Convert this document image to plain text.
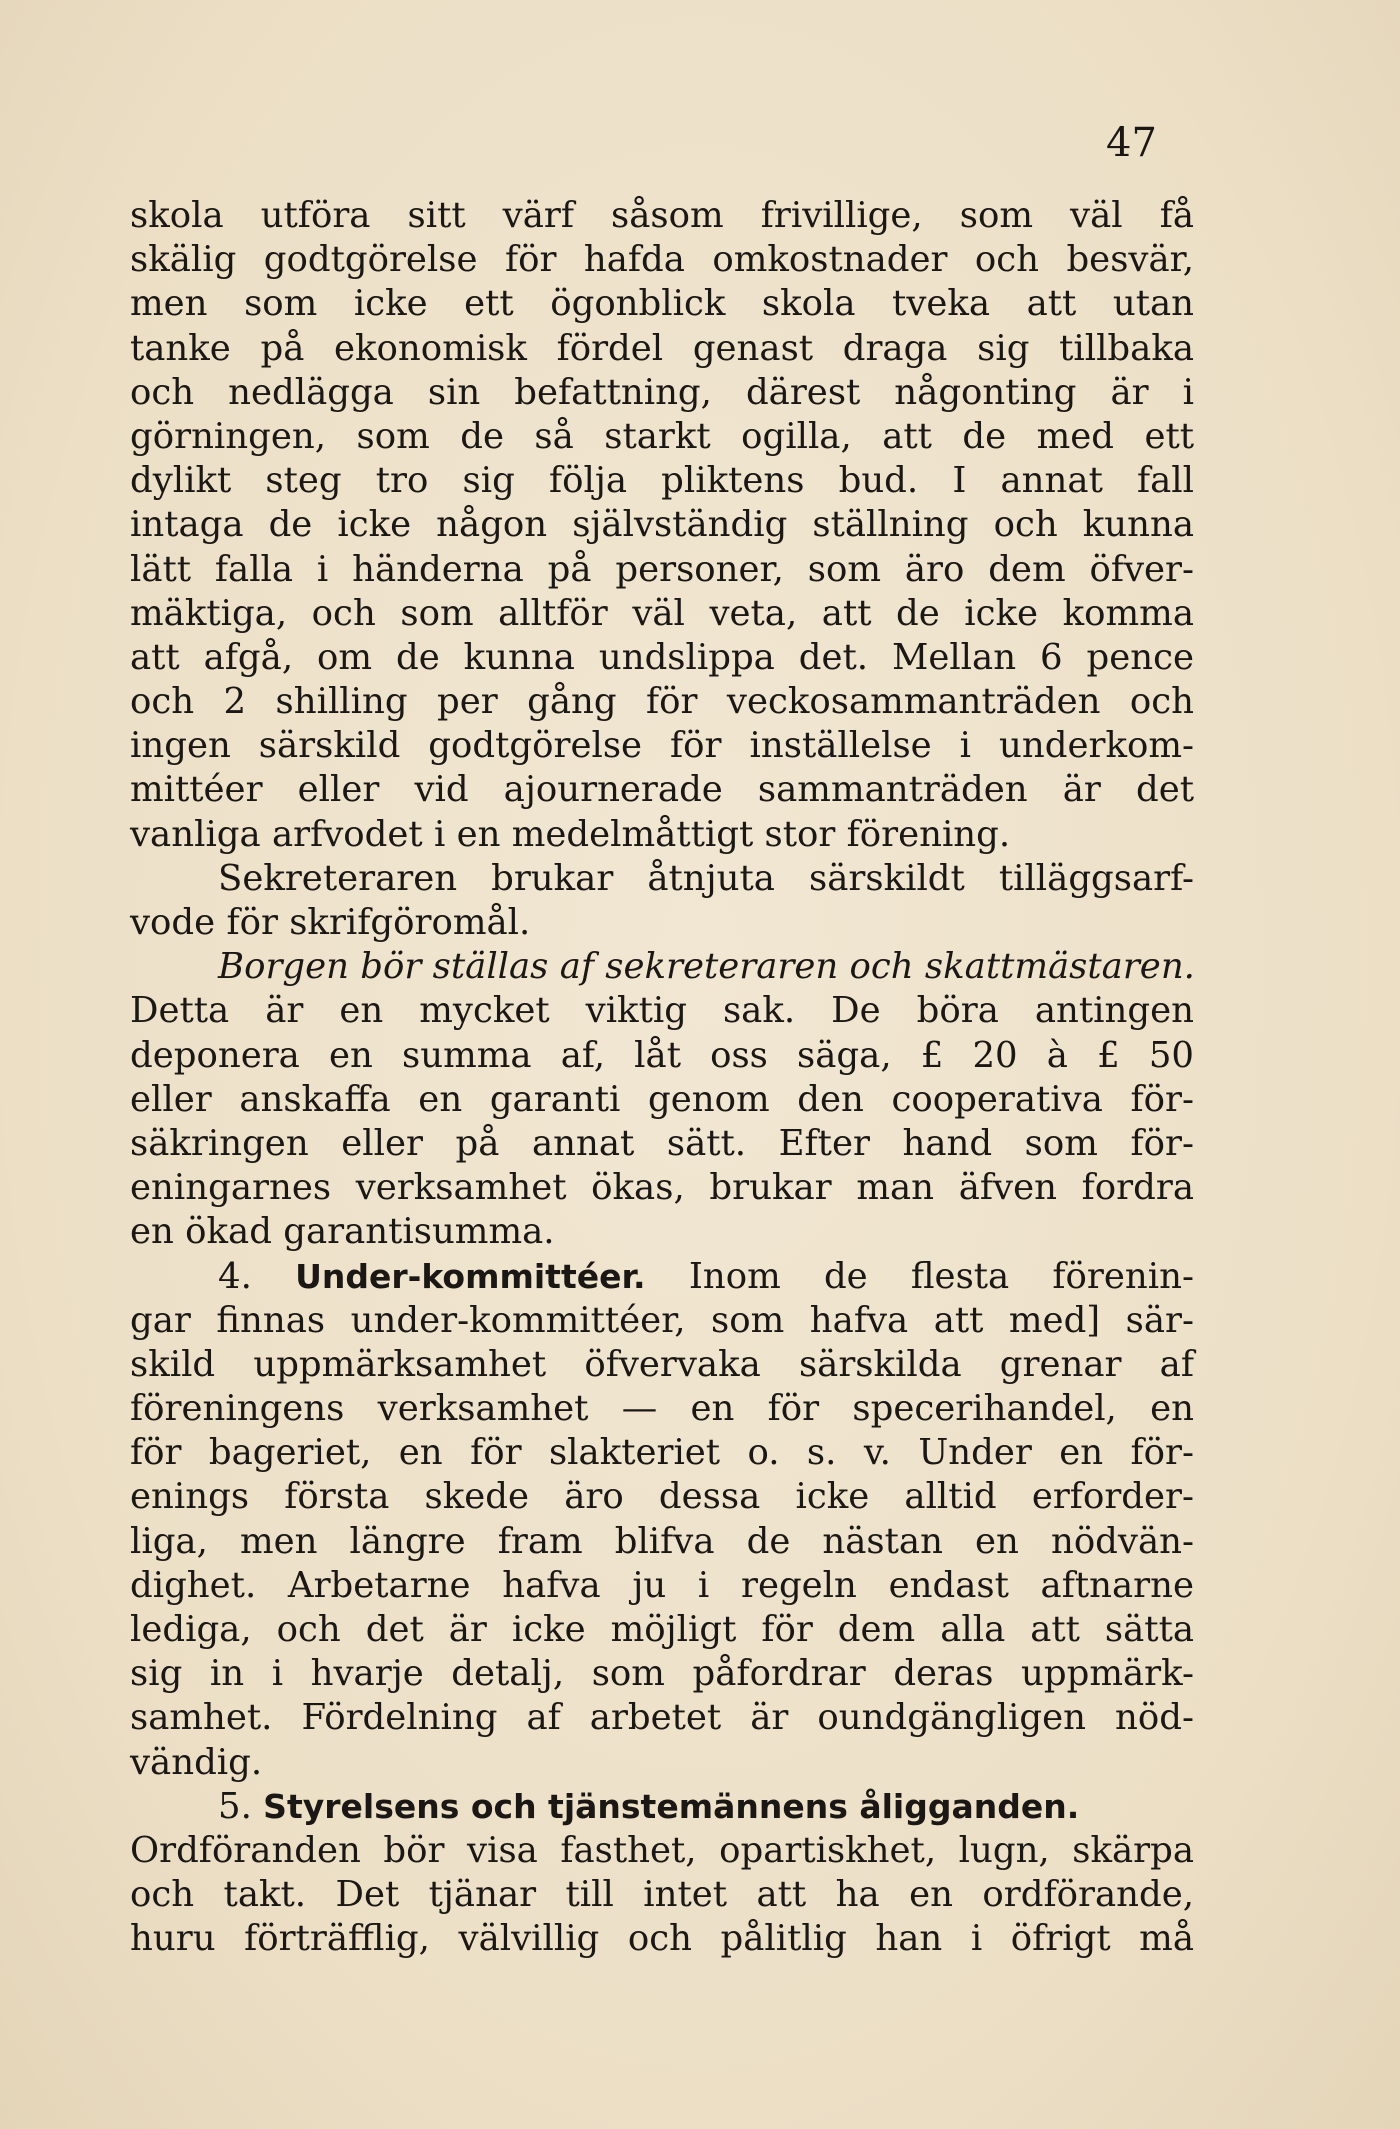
47
skola utföra sitt värf såsom frivillige, som väl få
skälig godtgörelse för hafda omkostnader och besvär,
men som icke ett ögonblick skola tveka att utan
tanke på ekonomisk fördel genast draga sig tillbaka
och nedlägga sin befattning, därest någonting är i
görningen, som de så starkt ogilla, att de med ett
dylikt steg tro sig följa pliktens bud. I annat fall
intaga de icke någon självständig ställning och kunna
lätt falla i händerna på personer, som äro dem öfver-
mäktiga, och som alltför väl veta, att de icke komma
att afgå, om de kunna undslippa det. Mellan 6 pence
och 2 shilling per gång för veckosammanträden och
ingen särskild godtgörelse för inställelse i underkom-
mittéer eller vid ajournerade sammanträden är det
vanliga arfvodet i en medelmåttigt stor förening.
Sekreteraren brukar åtnjuta särskildt tilläggsarf-
vode för skrifgöromål.
Borgen bör ställas af sekreteraren och skattmästaren.
Detta är en mycket viktig sak. De böra antingen
deponera en summa af, låt oss säga, £ 20 à £ 50
eller anskaffa en garanti genom den cooperativa för-
säkringen eller på annat sätt. Efter hand som för-
eningarnes verksamhet ökas, brukar man äfven fordra
en ökad garantisumma.
4. Under-kommittéer. Inom de flesta förenin-
gar finnas under-kommittéer, som hafva att med] sär-
skild uppmärksamhet öfvervaka särskilda grenar af
föreningens verksamhet — en för specerihandel, en
för bageriet, en för slakteriet o. s. v. Under en för-
enings första skede äro dessa icke alltid erforder-
liga, men längre fram blifva de nästan en nödvän-
dighet. Arbetarne hafva ju i regeln endast aftnarne
lediga, och det är icke möjligt för dem alla att sätta
sig in i hvarje detalj, som påfordrar deras uppmärk-
samhet. Fördelning af arbetet är oundgängligen nöd-
vändig.
5. Styrelsens och tjänstemännens åligganden.
Ordföranden bör visa fasthet, opartiskhet, lugn, skärpa
och takt. Det tjänar till intet att ha en ordförande,
huru förträfflig, välvillig och pålitlig han i öfrigt må
